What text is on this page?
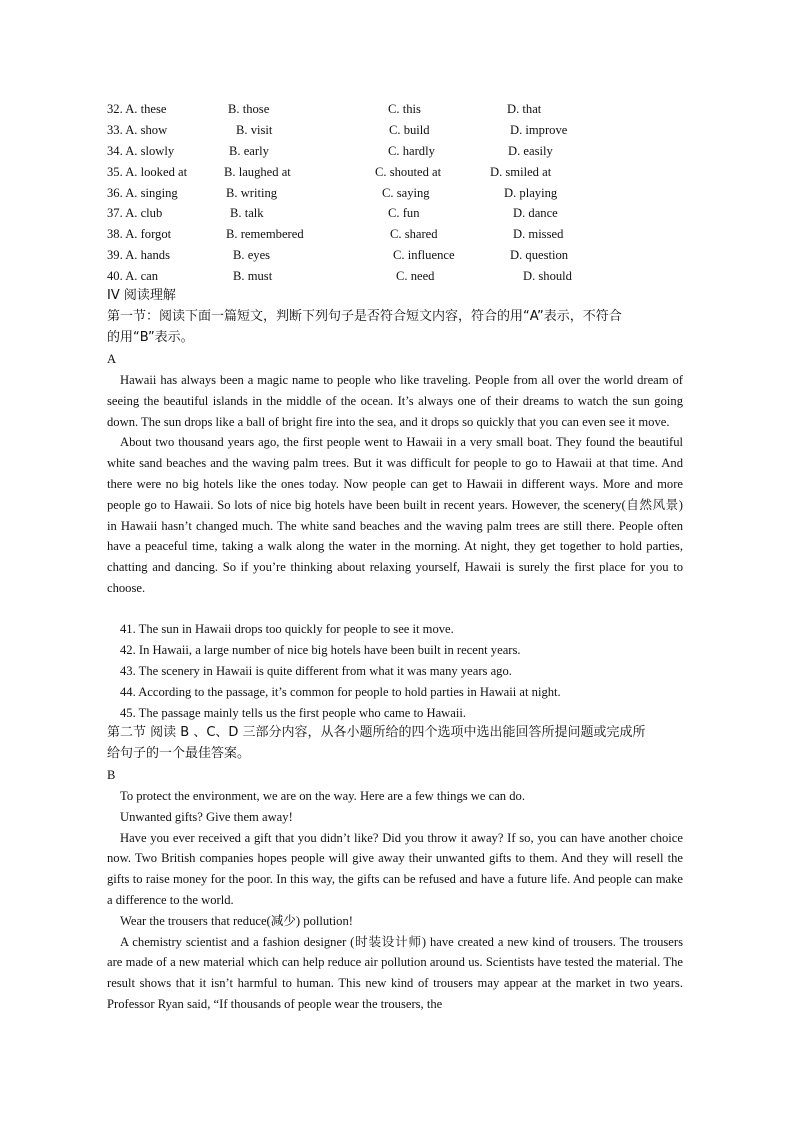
32. A. these	B. those	C. this	D. that
33. A. show	B. visit	C. build	D. improve
34. A. slowly	B. early	C. hardly	D. easily
35. A. looked at	B. laughed at	C. shouted at	D. smiled at
36. A. singing	B. writing	C. saying	D. playing
37. A. club	B. talk	C. fun	D. dance
38. A. forgot	B. remembered	C. shared	D. missed
39. A. hands	B. eyes	C. influence	D. question
40. A. can	B. must	C. need	D. should
IV 阅读理解
第一节：阅读下面一篇短文，判断下列句子是否符合短文内容，符合的用“A”表示，不符合
的用“B”表示。
A

Hawaii has always been a magic name to people who like traveling. People from all over the world dream of seeing the beautiful islands in the middle of the ocean. It’s always one of their dreams to watch the sun going down. The sun drops like a ball of bright fire into the sea, and it drops so quickly that you can even see it move.

About two thousand years ago, the first people went to Hawaii in a very small boat. They found the beautiful white sand beaches and the waving palm trees. But it was difficult for people to go to Hawaii at that time. And there were no big hotels like the ones today. Now people can get to Hawaii in different ways. More and more people go to Hawaii. So lots of nice big hotels have been built in recent years. However, the scenery(自然风景) in Hawaii hasn’t changed much. The white sand beaches and the waving palm trees are still there. People often have a peaceful time, taking a walk along the water in the morning. At night, they get together to hold parties, chatting and dancing. So if you’re thinking about relaxing yourself, Hawaii is surely the first place for you to choose.

41. The sun in Hawaii drops too quickly for people to see it move.
42. In Hawaii, a large number of nice big hotels have been built in recent years.
43. The scenery in Hawaii is quite different from what it was many years ago.
44. According to the passage, it’s common for people to hold parties in Hawaii at night.
45. The passage mainly tells us the first people who came to Hawaii.
第二节 阅读 B 、C、D 三部分内容，从各小题所给的四个选项中选出能回答所提问题或完成所
给句子的一个最佳答案。
B

To protect the environment, we are on the way. Here are a few things we can do.

Unwanted gifts? Give them away!

Have you ever received a gift that you didn’t like? Did you throw it away? If so, you can have another choice now. Two British companies hopes people will give away their unwanted gifts to them. And they will resell the gifts to raise money for the poor. In this way, the gifts can be refused and have a future life. And people can make a difference to the world.

Wear the trousers that reduce(减少) pollution!

A chemistry scientist and a fashion designer (时装设计师) have created a new kind of trousers. The trousers are made of a new material which can help reduce air pollution around us. Scientists have tested the material. The result shows that it isn’t harmful to human. This new kind of trousers may appear at the market in two years. Professor Ryan said, “If thousands of people wear the trousers, the
